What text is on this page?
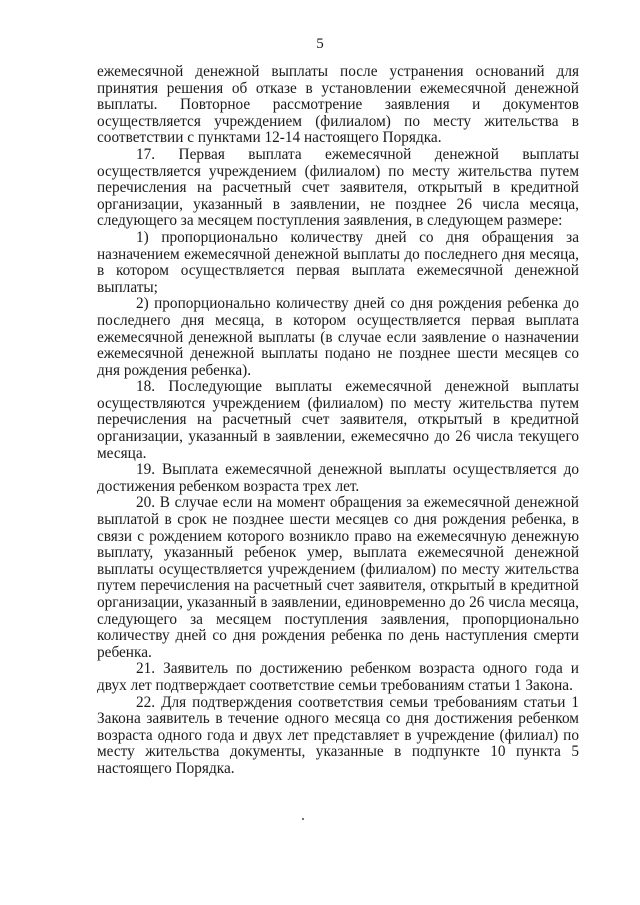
5

ежемесячной денежной выплаты после устранения оснований для принятия решения об отказе в установлении ежемесячной денежной выплаты. Повторное рассмотрение заявления и документов осуществляется учреждением (филиалом) по месту жительства в соответствии с пунктами 12-14 настоящего Порядка.

17. Первая выплата ежемесячной денежной выплаты осуществляется учреждением (филиалом) по месту жительства путем перечисления на расчетный счет заявителя, открытый в кредитной организации, указанный в заявлении, не позднее 26 числа месяца, следующего за месяцем поступления заявления, в следующем размере:

1) пропорционально количеству дней со дня обращения за назначением ежемесячной денежной выплаты до последнего дня месяца, в котором осуществляется первая выплата ежемесячной денежной выплаты;

2) пропорционально количеству дней со дня рождения ребенка до последнего дня месяца, в котором осуществляется первая выплата ежемесячной денежной выплаты (в случае если заявление о назначении ежемесячной денежной выплаты подано не позднее шести месяцев со дня рождения ребенка).

18. Последующие выплаты ежемесячной денежной выплаты осуществляются учреждением (филиалом) по месту жительства путем перечисления на расчетный счет заявителя, открытый в кредитной организации, указанный в заявлении, ежемесячно до 26 числа текущего месяца.

19. Выплата ежемесячной денежной выплаты осуществляется до достижения ребенком возраста трех лет.

20. В случае если на момент обращения за ежемесячной денежной выплатой в срок не позднее шести месяцев со дня рождения ребенка, в связи с рождением которого возникло право на ежемесячную денежную выплату, указанный ребенок умер, выплата ежемесячной денежной выплаты осуществляется учреждением (филиалом) по месту жительства путем перечисления на расчетный счет заявителя, открытый в кредитной организации, указанный в заявлении, единовременно до 26 числа месяца, следующего за месяцем поступления заявления, пропорционально количеству дней со дня рождения ребенка по день наступления смерти ребенка.

21. Заявитель по достижению ребенком возраста одного года и двух лет подтверждает соответствие семьи требованиям статьи 1 Закона.

22. Для подтверждения соответствия семьи требованиям статьи 1 Закона заявитель в течение одного месяца со дня достижения ребенком возраста одного года и двух лет представляет в учреждение (филиал) по месту жительства документы, указанные в подпункте 10 пункта 5 настоящего Порядка.
